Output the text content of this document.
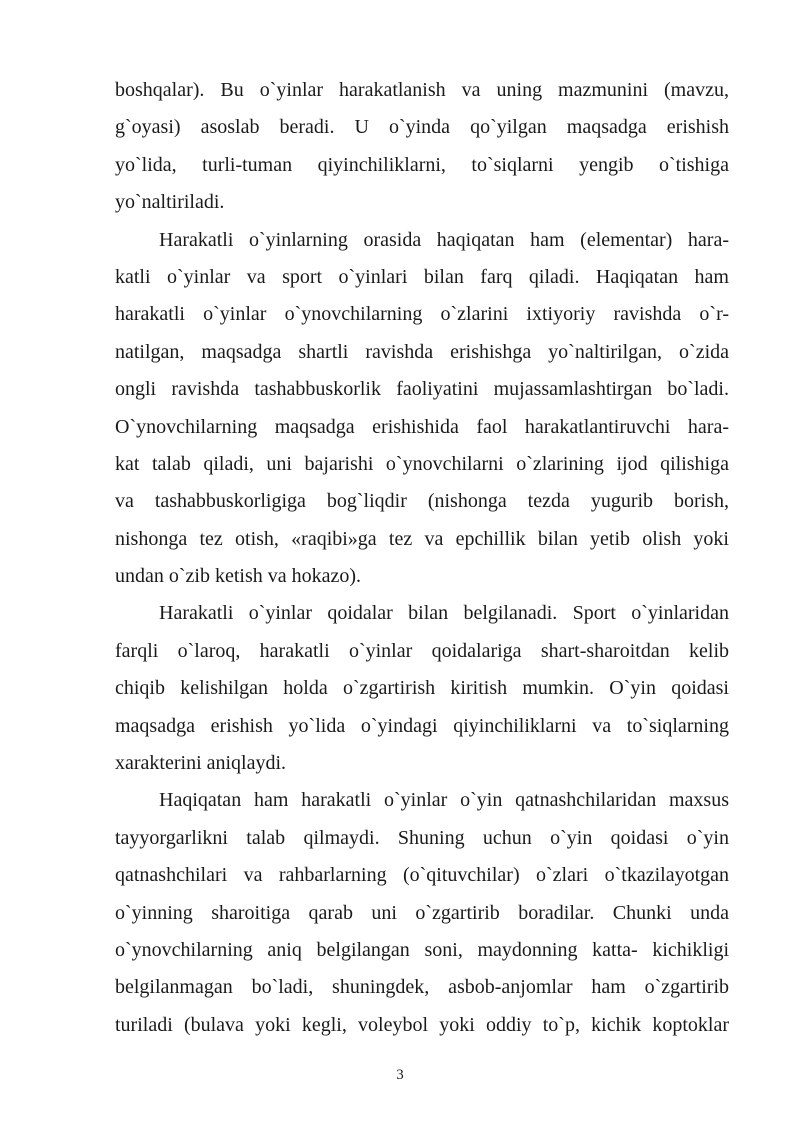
boshqalar). Bu o`yinlar harakatlanish va uning mazmunini (mavzu,
g`oyasi) asoslab beradi. U o`yinda qo`yilgan maqsadga erishish
yo`lida, turli-tuman qiyinchiliklarni, to`siqlarni yengib o`tishiga
yo`naltiriladi.
Harakatli o`yinlarning orasida haqiqatan ham (elementar) hara-
katli o`yinlar va sport o`yinlari bilan farq qiladi. Haqiqatan ham
harakatli o`yinlar o`ynovchilarning o`zlarini ixtiyoriy ravishda o`r-
natilgan, maqsadga shartli ravishda erishishga yo`naltirilgan, o`zida
ongli ravishda tashabbuskorlik faoliyatini mujassamlashtirgan bo`ladi.
O`ynovchilarning maqsadga erishishida faol harakatlantiruvchi hara-
kat talab qiladi, uni bajarishi o`ynovchilarni o`zlarining ijod qilishiga
va tashabbuskorligiga bog`liqdir (nishonga tezda yugurib borish,
nishonga tez otish, «raqibi»ga tez va epchillik bilan yetib olish yoki
undan o`zib ketish va hokazo).
Harakatli o`yinlar qoidalar bilan belgilanadi. Sport o`yinlaridan
farqli o`laroq, harakatli o`yinlar qoidalariga shart-sharoitdan kelib
chiqib kelishilgan holda o`zgartirish kiritish mumkin. O`yin qoidasi
maqsadga erishish yo`lida o`yindagi qiyinchiliklarni va to`siqlarning
xarakterini aniqlaydi.
Haqiqatan ham harakatli o`yinlar o`yin qatnashchilaridan maxsus
tayyorgarlikni talab qilmaydi. Shuning uchun o`yin qoidasi o`yin
qatnashchilari va rahbarlarning (o`qituvchilar) o`zlari o`tkazilayotgan
o`yinning sharoitiga qarab uni o`zgartirib boradilar. Chunki unda
o`ynovchilarning aniq belgilangan soni, maydonning katta- kichikligi
belgilanmagan bo`ladi, shuningdek, asbob-anjomlar ham o`zgartirib
turiladi (bulava yoki kegli, voleybol yoki oddiy to`p, kichik koptoklar
3
